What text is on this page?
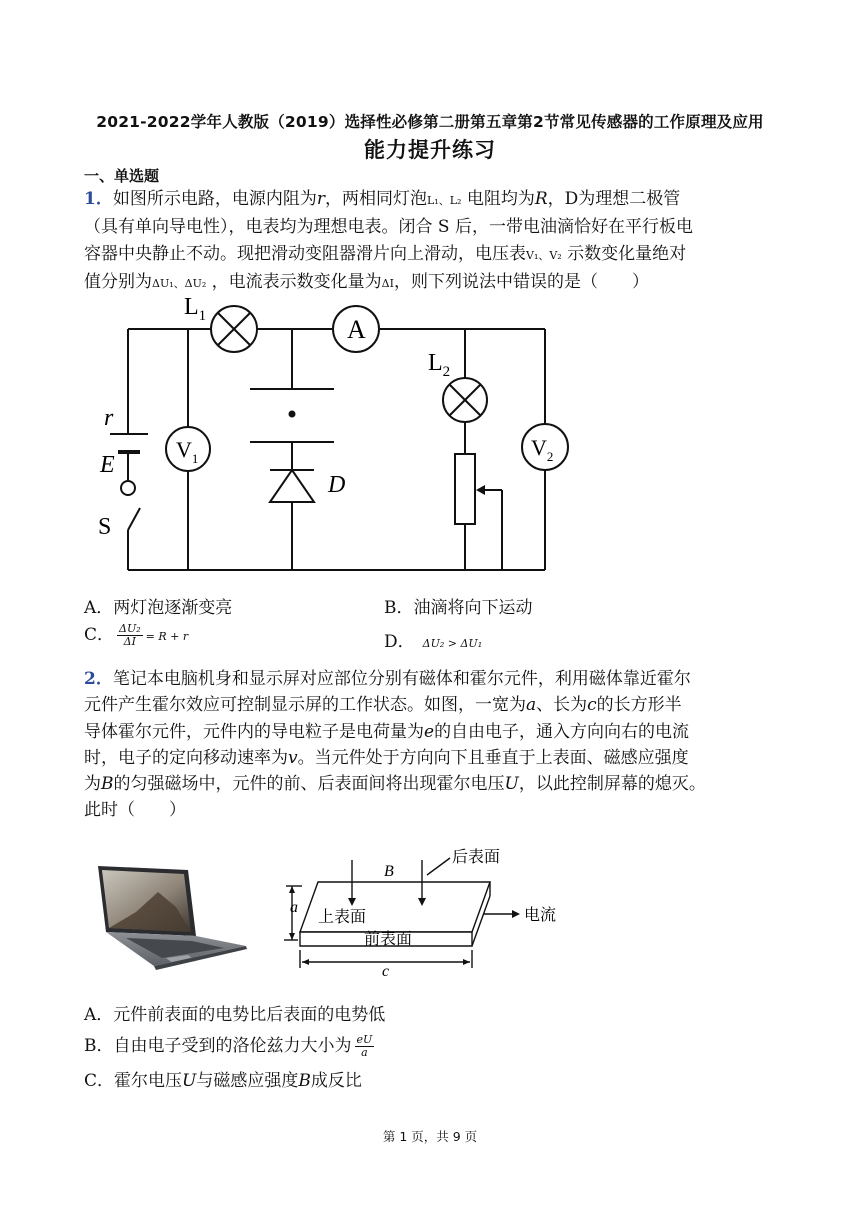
2021-2022学年人教版（2019）选择性必修第二册第五章第2节常见传感器的工作原理及应用
能力提升练习
一、单选题
1．如图所示电路，电源内阻为r，两相同灯泡L₁、L₂ 电阻均为R，D为理想二极管
（具有单向导电性），电表均为理想电表。闭合 S 后，一带电油滴恰好在平行板电
容器中央静止不动。现把滑动变阻器滑片向上滑动，电压表V₁、V₂ 示数变化量绝对
值分别为ΔU₁、ΔU₂ ，电流表示数变化量为ΔI，则下列说法中错误的是（　　）
$L_1$	A
$L_2$
$V_1$	$V_2$
r
E
S
D
A．两灯泡逐渐变亮	B．油滴将向下运动
C． $\frac{\text{ΔU₂}}{\Delta I} = R + r$	D． ΔU₂ > ΔU₁
2．笔记本电脑机身和显示屏对应部位分别有磁体和霍尔元件，利用磁体靠近霍尔
元件产生霍尔效应可控制显示屏的工作状态。如图，一宽为a、长为c的长方形半
导体霍尔元件，元件内的导电粒子是电荷量为e的自由电子，通入方向向右的电流
时，电子的定向移动速率为v。当元件处于方向向下且垂直于上表面、磁感应强度
为B的匀强磁场中，元件的前、后表面间将出现霍尔电压U，以此控制屏幕的熄灭。
此时（　　）
后表面
B
上表面
前表面
电流
a
c
A．元件前表面的电势比后表面的电势低
B．自由电子受到的洛伦兹力大小为 $\frac{eU}{a}$
C．霍尔电压U与磁感应强度B成反比
第 1 页，共 9 页
